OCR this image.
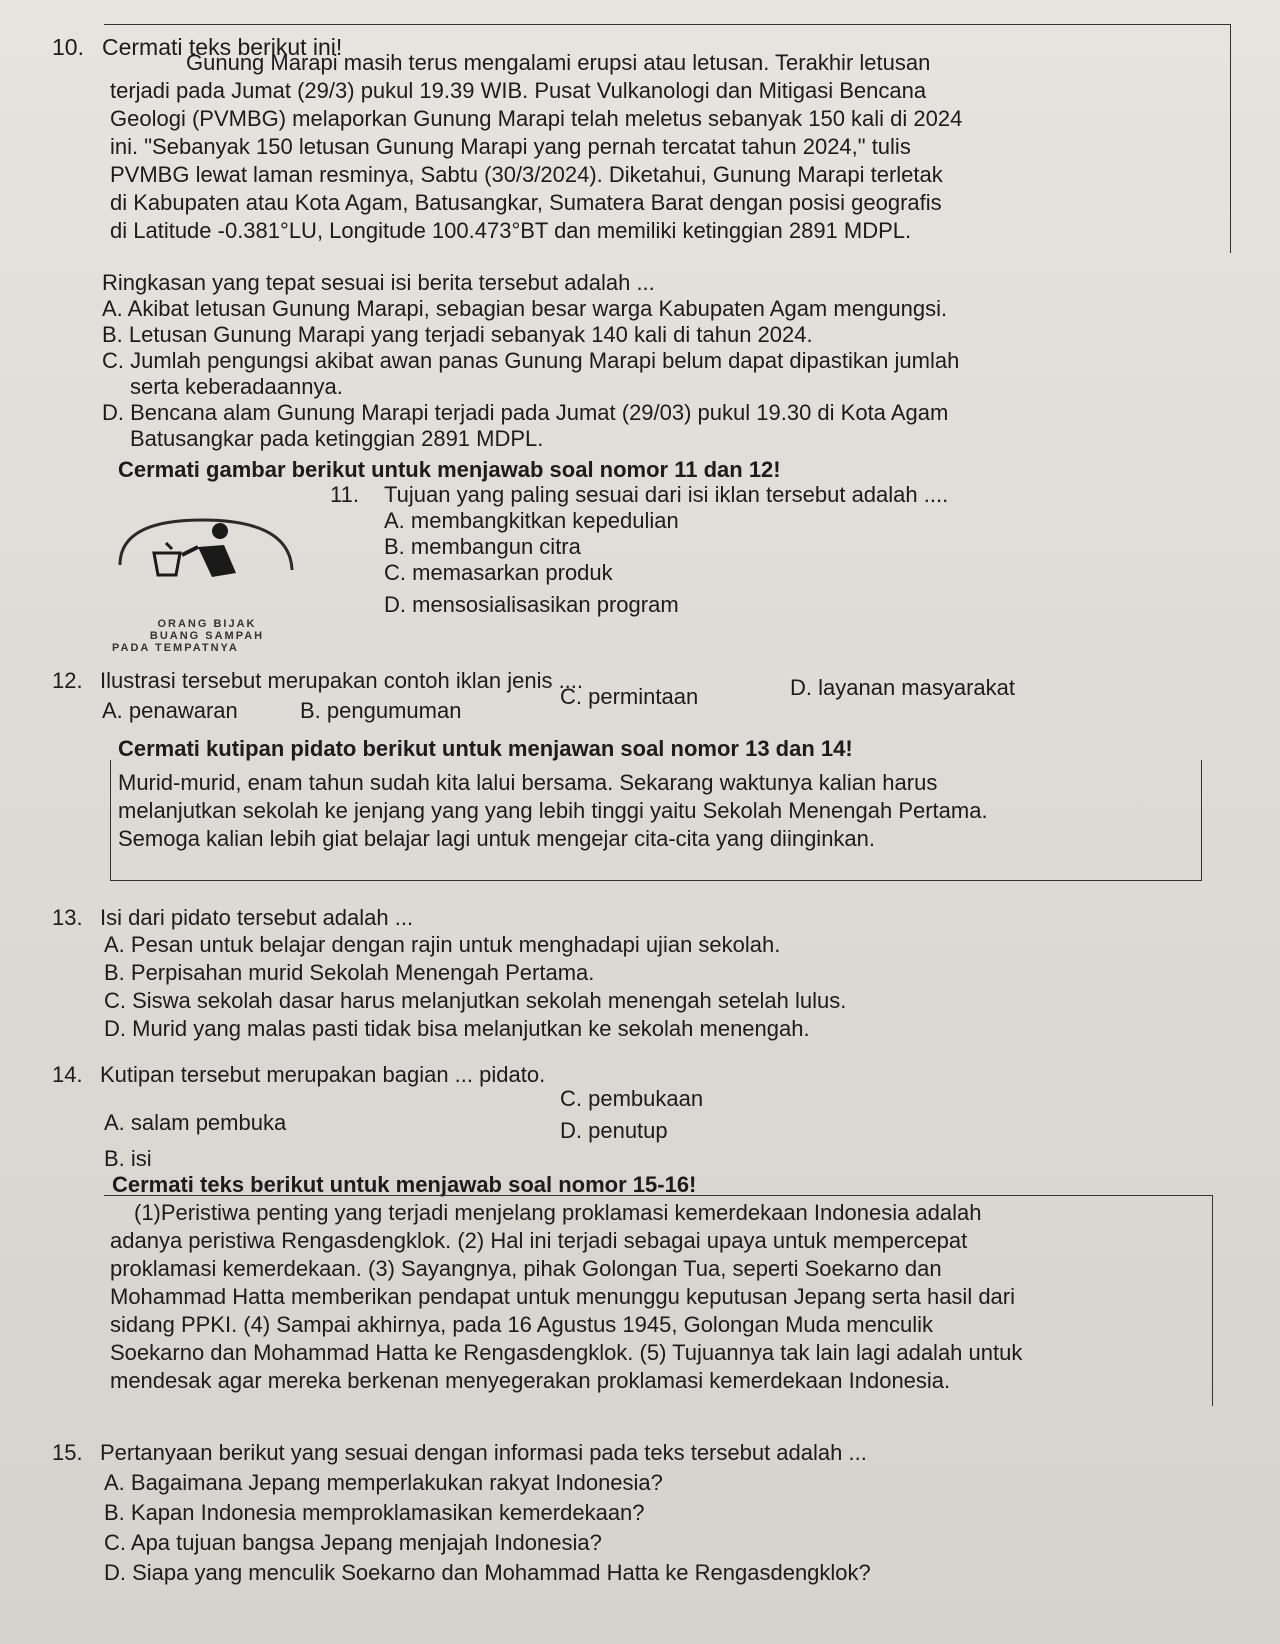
10. Cermati teks berikut ini!
Gunung Marapi masih terus mengalami erupsi atau letusan. Terakhir letusan
terjadi pada Jumat (29/3) pukul 19.39 WIB. Pusat Vulkanologi dan Mitigasi Bencana
Geologi (PVMBG) melaporkan Gunung Marapi telah meletus sebanyak 150 kali di 2024
ini. "Sebanyak 150 letusan Gunung Marapi yang pernah tercatat tahun 2024," tulis
PVMBG lewat laman resminya, Sabtu (30/3/2024). Diketahui, Gunung Marapi terletak
di Kabupaten atau Kota Agam, Batusangkar, Sumatera Barat dengan posisi geografis
di Latitude -0.381°LU, Longitude 100.473°BT dan memiliki ketinggian 2891 MDPL.
Ringkasan yang tepat sesuai isi berita tersebut adalah ...
A. Akibat letusan Gunung Marapi, sebagian besar warga Kabupaten Agam mengungsi.
B. Letusan Gunung Marapi yang terjadi sebanyak 140 kali di tahun 2024.
C. Jumlah pengungsi akibat awan panas Gunung Marapi belum dapat dipastikan jumlah
serta keberadaannya.
D. Bencana alam Gunung Marapi terjadi pada Jumat (29/03) pukul 19.30 di Kota Agam
Batusangkar pada ketinggian 2891 MDPL.
Cermati gambar berikut untuk menjawab soal nomor 11 dan 12!
ORANG BIJAK
BUANG SAMPAH
PADA TEMPATNYA
11. Tujuan yang paling sesuai dari isi iklan tersebut adalah ....
A. membangkitkan kepedulian
B. membangun citra
C. memasarkan produk
D. mensosialisasikan program
12. Ilustrasi tersebut merupakan contoh iklan jenis ....
A. penawaran	B. pengumuman
C. permintaan	D. layanan masyarakat
Cermati kutipan pidato berikut untuk menjawan soal nomor 13 dan 14!
Murid-murid, enam tahun sudah kita lalui bersama. Sekarang waktunya kalian harus
melanjutkan sekolah ke jenjang yang yang lebih tinggi yaitu Sekolah Menengah Pertama.
Semoga kalian lebih giat belajar lagi untuk mengejar cita-cita yang diinginkan.
13. Isi dari pidato tersebut adalah ...
A. Pesan untuk belajar dengan rajin untuk menghadapi ujian sekolah.
B. Perpisahan murid Sekolah Menengah Pertama.
C. Siswa sekolah dasar harus melanjutkan sekolah menengah setelah lulus.
D. Murid yang malas pasti tidak bisa melanjutkan ke sekolah menengah.
14. Kutipan tersebut merupakan bagian ... pidato.
A. salam pembuka
B. isi
C. pembukaan
D. penutup
Cermati teks berikut untuk menjawab soal nomor 15-16!
(1)Peristiwa penting yang terjadi menjelang proklamasi kemerdekaan Indonesia adalah
adanya peristiwa Rengasdengklok. (2) Hal ini terjadi sebagai upaya untuk mempercepat
proklamasi kemerdekaan. (3) Sayangnya, pihak Golongan Tua, seperti Soekarno dan
Mohammad Hatta memberikan pendapat untuk menunggu keputusan Jepang serta hasil dari
sidang PPKI. (4) Sampai akhirnya, pada 16 Agustus 1945, Golongan Muda menculik
Soekarno dan Mohammad Hatta ke Rengasdengklok. (5) Tujuannya tak lain lagi adalah untuk
mendesak agar mereka berkenan menyegerakan proklamasi kemerdekaan Indonesia.
15. Pertanyaan berikut yang sesuai dengan informasi pada teks tersebut adalah ...
A. Bagaimana Jepang memperlakukan rakyat Indonesia?
B. Kapan Indonesia memproklamasikan kemerdekaan?
C. Apa tujuan bangsa Jepang menjajah Indonesia?
D. Siapa yang menculik Soekarno dan Mohammad Hatta ke Rengasdengklok?
